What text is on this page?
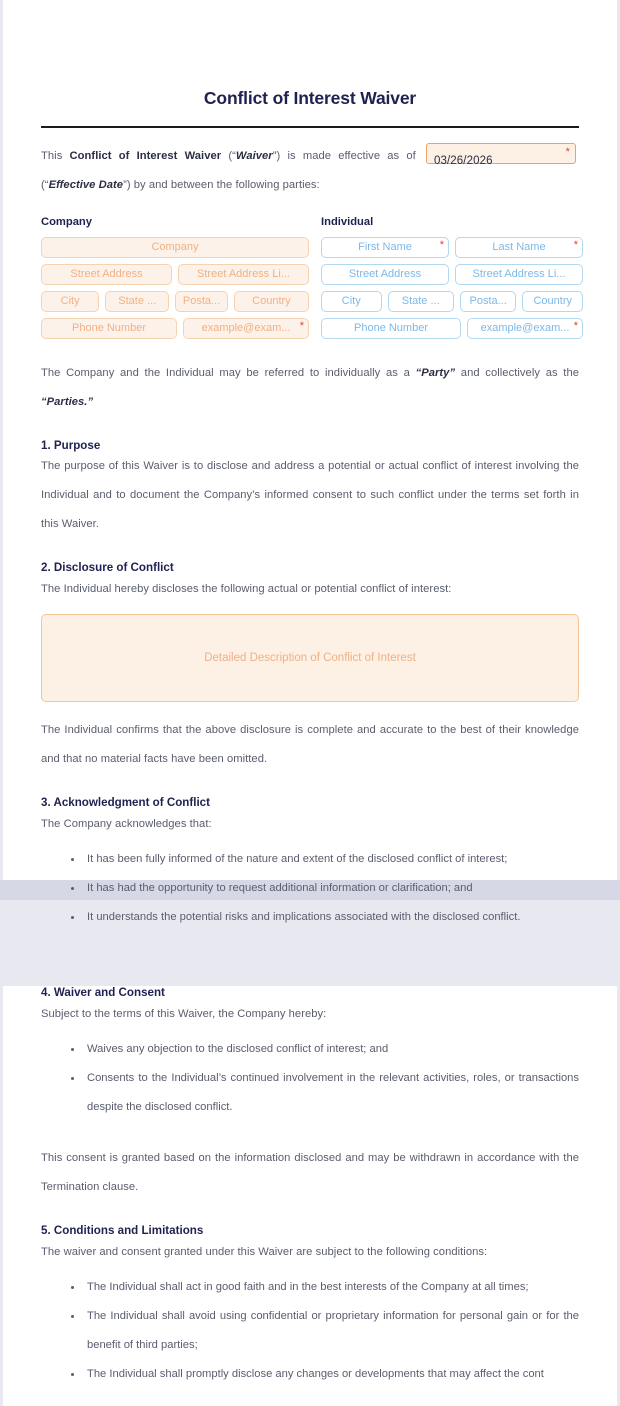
Conflict of Interest Waiver

This Conflict of Interest Waiver (“Waiver”) is made effective as of 03/26/2026
*
(“Effective Date”) by and between the following parties:

Company
Company
Street Address	Street Address Li...
City	State ...	Posta...	Country
Phone Number	example@exam... *
Individual
First Name	*	Last Name	*
Street Address	Street Address Li...
City	State ...	Posta...	Country
Phone Number	example@exam... *

The Company and the Individual may be referred to individually as a “Party” and collectively as the “Parties.”

1. Purpose

The purpose of this Waiver is to disclose and address a potential or actual conflict of interest involving the Individual and to document the Company’s informed consent to such conflict under the terms set forth in this Waiver.

2. Disclosure of Conflict

The Individual hereby discloses the following actual or potential conflict of interest:

Detailed Description of Conflict of Interest

The Individual confirms that the above disclosure is complete and accurate to the best of their knowledge and that no material facts have been omitted.

3. Acknowledgment of Conflict

The Company acknowledges that:

It has been fully informed of the nature and extent of the disclosed conflict of interest;
It has had the opportunity to request additional information or clarification; and
It understands the potential risks and implications associated with the disclosed conflict.
4. Waiver and Consent

Subject to the terms of this Waiver, the Company hereby:

Waives any objection to the disclosed conflict of interest; and
Consents to the Individual’s continued involvement in the relevant activities, roles, or transactions despite the disclosed conflict.

This consent is granted based on the information disclosed and may be withdrawn in accordance with the Termination clause.

5. Conditions and Limitations

The waiver and consent granted under this Waiver are subject to the following conditions:

The Individual shall act in good faith and in the best interests of the Company at all times;
The Individual shall avoid using confidential or proprietary information for personal gain or for the benefit of third parties;
The Individual shall promptly disclose any changes or developments that may affect the cont
